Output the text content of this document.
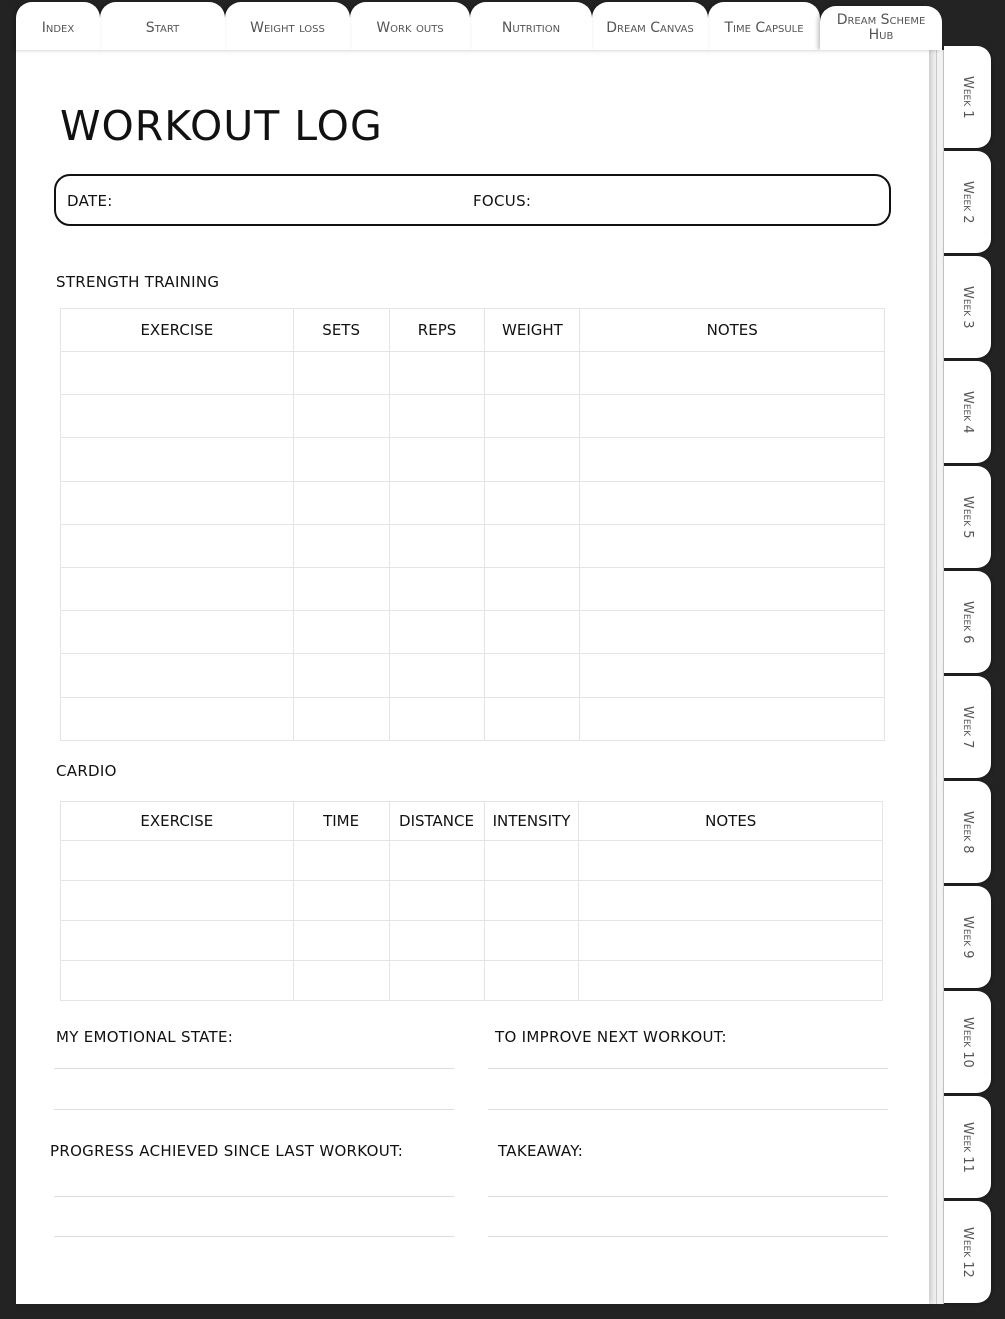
Index	Start	Weight loss	Work outs	Nutrition	Dream Canvas	Time Capsule	Dream Scheme Hub
Week 1
Week 2
Week 3
Week 4
Week 5
Week 6
Week 7
Week 8
Week 9
Week 10
Week 11
Week 12
WORKOUT LOG
DATE:	FOCUS:
STRENGTH TRAINING
EXERCISE	SETS	REPS	WEIGHT	NOTES

CARDIO
EXERCISE	TIME	DISTANCE	INTENSITY	NOTES

MY EMOTIONAL STATE:	TO IMPROVE NEXT WORKOUT:
PROGRESS ACHIEVED SINCE LAST WORKOUT:	TAKEAWAY:
